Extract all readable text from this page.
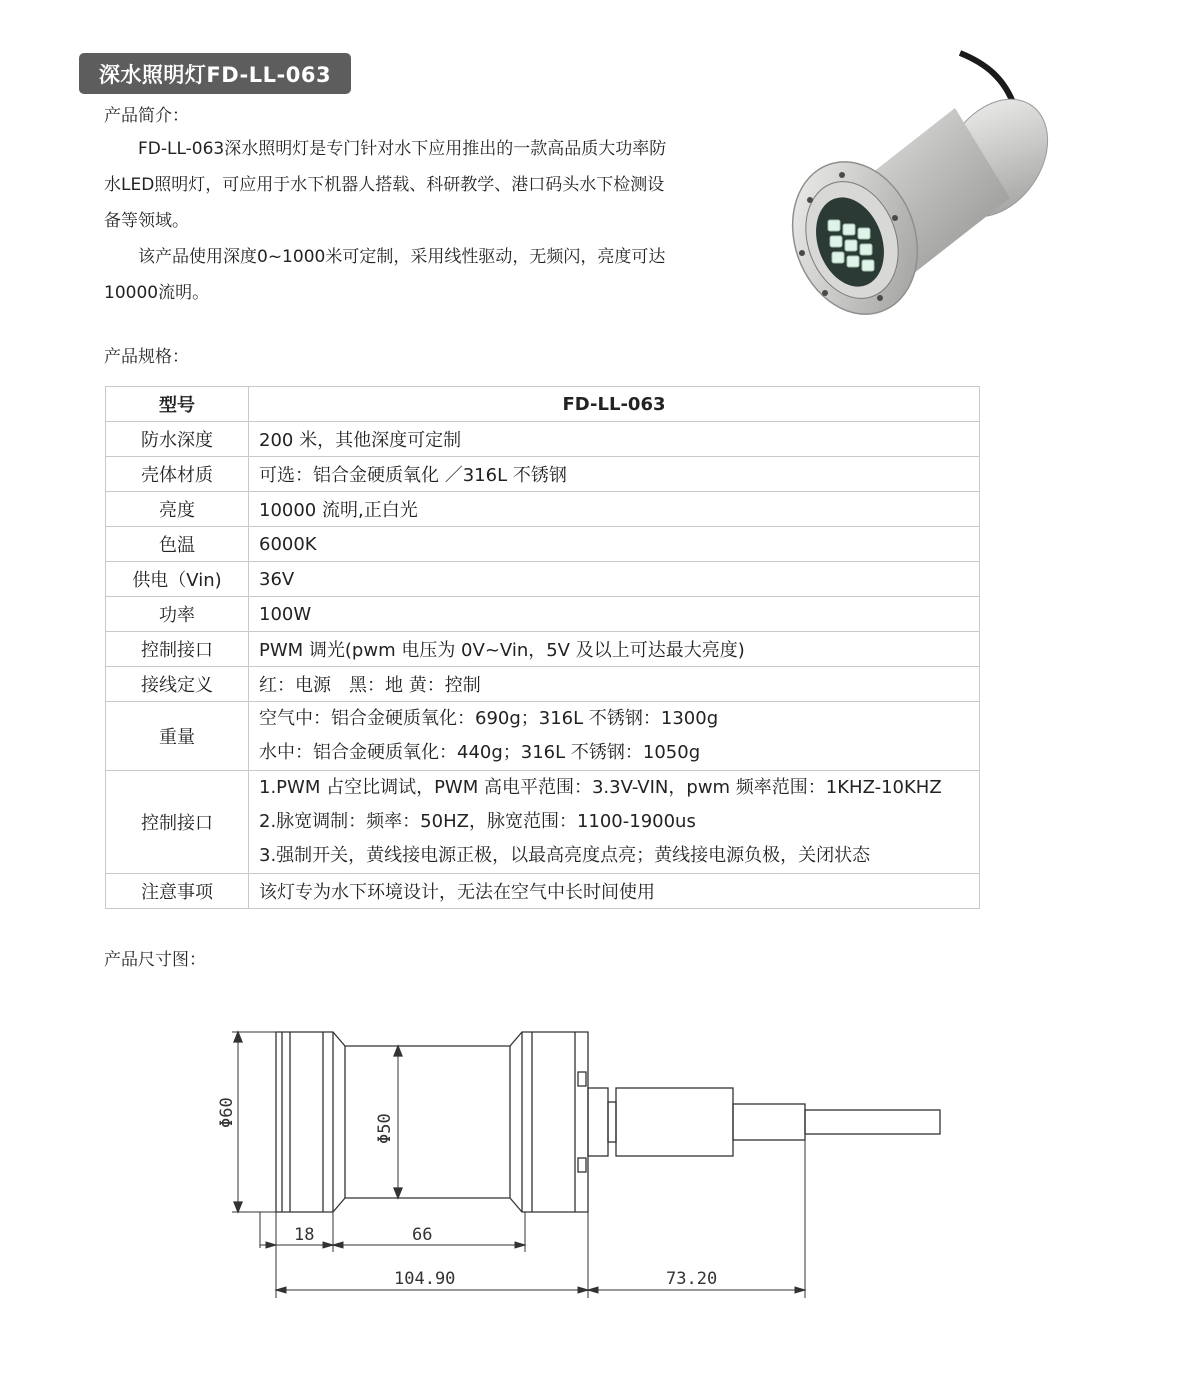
深水照明灯FD-LL-063
产品简介：

FD-LL-063深水照明灯是专门针对水下应用推出的一款高品质大功率防水LED照明灯，可应用于水下机器人搭载、科研教学、港口码头水下检测设备等领域。

该产品使用深度0~1000米可定制，采用线性驱动，无频闪，亮度可达10000流明。

产品规格：
型号	FD-LL-063
防水深度	200 米，其他深度可定制
壳体材质	可选：铝合金硬质氧化 ／316L 不锈钢
亮度	10000 流明,正白光
色温	6000K
供电（Vin)	36V
功率	100W
控制接口	PWM 调光(pwm 电压为 0V~Vin，5V 及以上可达最大亮度)
接线定义	红：电源　黑：地 黄：控制
重量	空气中：铝合金硬质氧化：690g；316L 不锈钢：1300g
水中：铝合金硬质氧化：440g；316L 不锈钢：1050g

控制接口	1.PWM 占空比调试，PWM 高电平范围：3.3V-VIN，pwm 频率范围：1KHZ-10KHZ
2.脉宽调制：频率：50HZ，脉宽范围：1100-1900us
3.强制开关，黄线接电源正极，以最高亮度点亮；黄线接电源负极，关闭状态

注意事项	该灯专为水下环境设计，无法在空气中长时间使用
产品尺寸图：
Φ60
Φ50
18	66
104.90	73.20
